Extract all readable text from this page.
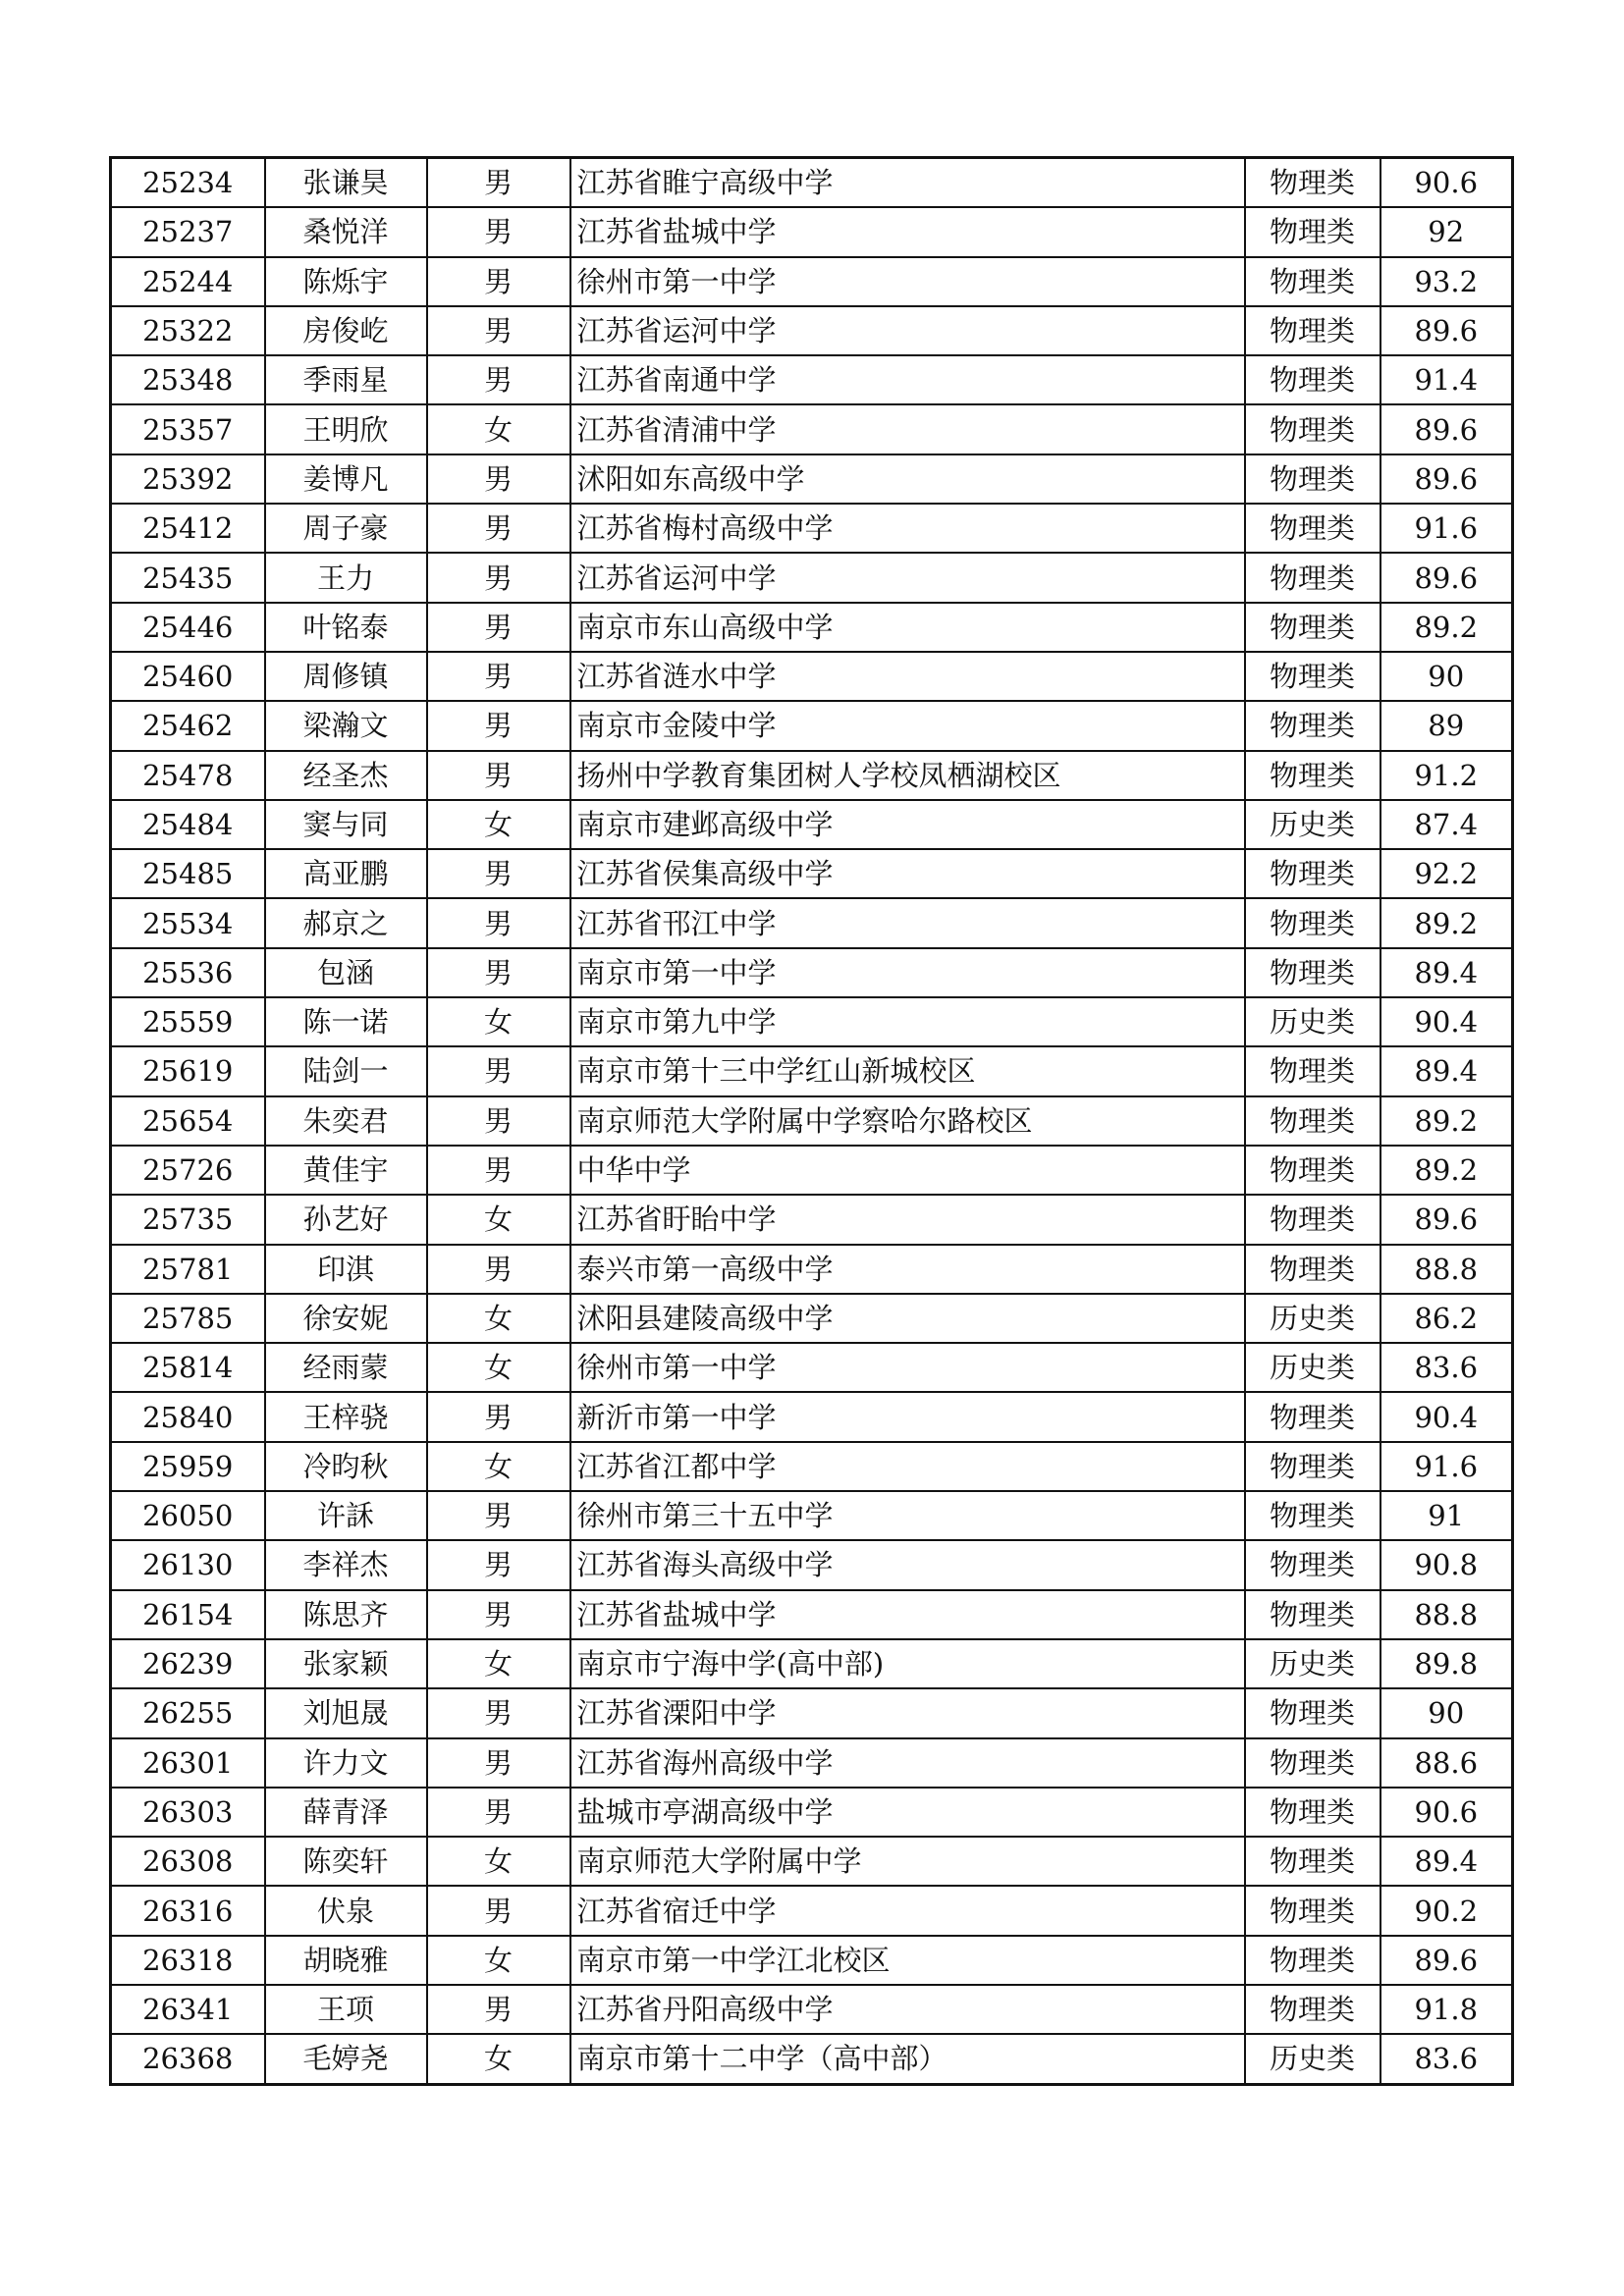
25234	张谦昊	男	江苏省睢宁高级中学	物理类	90.6
25237	桑悦洋	男	江苏省盐城中学	物理类	92
25244	陈烁宇	男	徐州市第一中学	物理类	93.2
25322	房俊屹	男	江苏省运河中学	物理类	89.6
25348	季雨星	男	江苏省南通中学	物理类	91.4
25357	王明欣	女	江苏省清浦中学	物理类	89.6
25392	姜博凡	男	沭阳如东高级中学	物理类	89.6
25412	周子豪	男	江苏省梅村高级中学	物理类	91.6
25435	王力	男	江苏省运河中学	物理类	89.6
25446	叶铭泰	男	南京市东山高级中学	物理类	89.2
25460	周修镇	男	江苏省涟水中学	物理类	90
25462	梁瀚文	男	南京市金陵中学	物理类	89
25478	经圣杰	男	扬州中学教育集团树人学校凤栖湖校区	物理类	91.2
25484	窦与同	女	南京市建邺高级中学	历史类	87.4
25485	高亚鹏	男	江苏省侯集高级中学	物理类	92.2
25534	郝京之	男	江苏省邗江中学	物理类	89.2
25536	包涵	男	南京市第一中学	物理类	89.4
25559	陈一诺	女	南京市第九中学	历史类	90.4
25619	陆剑一	男	南京市第十三中学红山新城校区	物理类	89.4
25654	朱奕君	男	南京师范大学附属中学察哈尔路校区	物理类	89.2
25726	黄佳宇	男	中华中学	物理类	89.2
25735	孙艺好	女	江苏省盱眙中学	物理类	89.6
25781	印淇	男	泰兴市第一高级中学	物理类	88.8
25785	徐安妮	女	沭阳县建陵高级中学	历史类	86.2
25814	经雨蒙	女	徐州市第一中学	历史类	83.6
25840	王梓骁	男	新沂市第一中学	物理类	90.4
25959	冷昀秋	女	江苏省江都中学	物理类	91.6
26050	许訸	男	徐州市第三十五中学	物理类	91
26130	李祥杰	男	江苏省海头高级中学	物理类	90.8
26154	陈思齐	男	江苏省盐城中学	物理类	88.8
26239	张家颖	女	南京市宁海中学(高中部)	历史类	89.8
26255	刘旭晟	男	江苏省溧阳中学	物理类	90
26301	许力文	男	江苏省海州高级中学	物理类	88.6
26303	薛青泽	男	盐城市亭湖高级中学	物理类	90.6
26308	陈奕轩	女	南京师范大学附属中学	物理类	89.4
26316	伏泉	男	江苏省宿迁中学	物理类	90.2
26318	胡晓雅	女	南京市第一中学江北校区	物理类	89.6
26341	王项	男	江苏省丹阳高级中学	物理类	91.8
26368	毛婷尧	女	南京市第十二中学（高中部）	历史类	83.6
